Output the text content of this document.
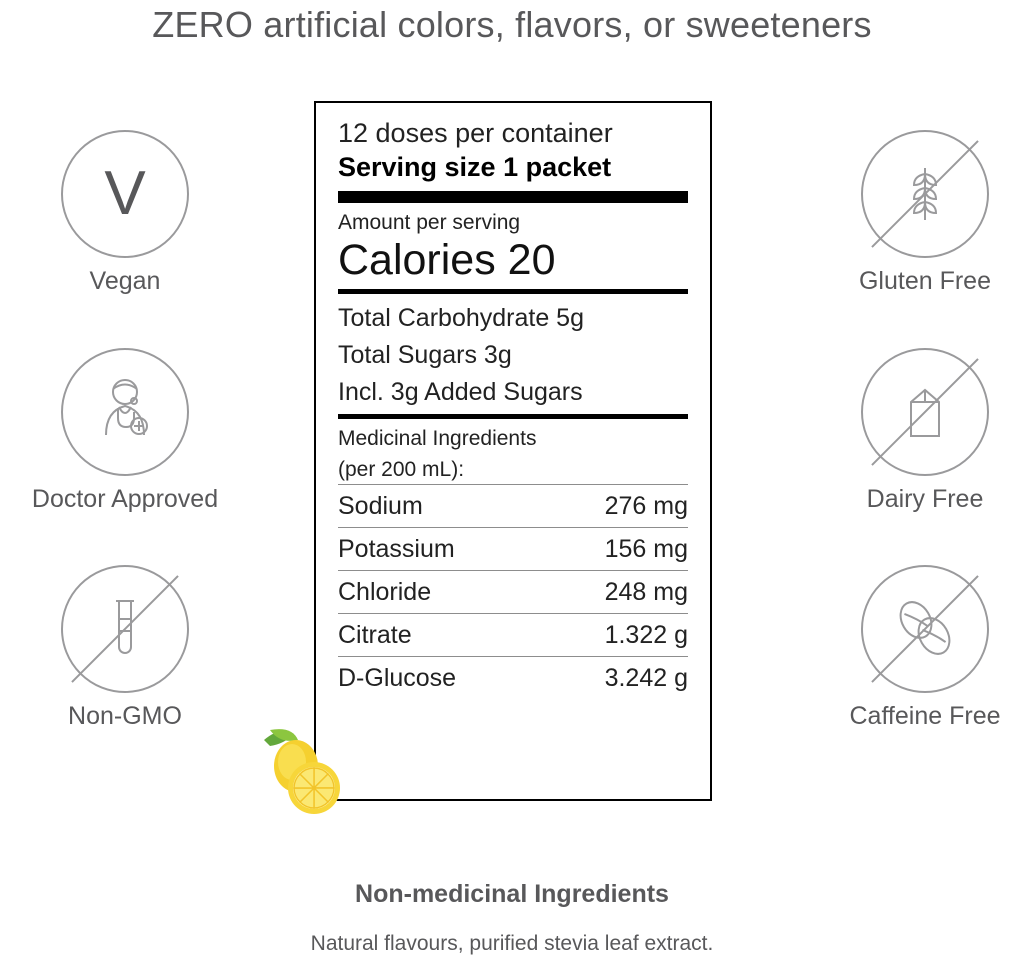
ZERO artificial colors, flavors, or sweeteners
V
Vegan
Doctor Approved
Non-GMO
Gluten Free
Dairy Free
Caffeine Free
12 doses per container
Serving size 1 packet
Amount per serving
Calories 20
Total Carbohydrate 5g
Total Sugars 3g
Incl. 3g Added Sugars
Medicinal Ingredients
(per 200 mL):
Sodium	276 mg
Potassium	156 mg
Chloride	248 mg
Citrate	1.322 g
D-Glucose	3.242 g
Non-medicinal Ingredients
Natural flavours, purified stevia leaf extract.
